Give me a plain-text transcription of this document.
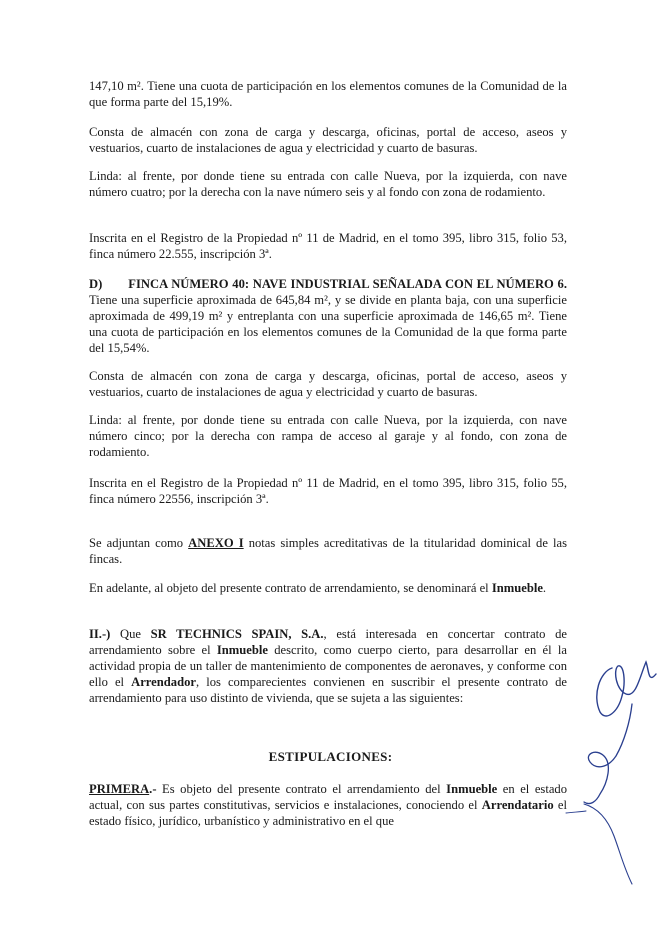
147,10 m². Tiene una cuota de participación en los elementos comunes de la Comunidad de la que forma parte del 15,19%.

Consta de almacén con zona de carga y descarga, oficinas, portal de acceso, aseos y vestuarios, cuarto de instalaciones de agua y electricidad y cuarto de basuras.

Linda: al frente, por donde tiene su entrada con calle Nueva, por la izquierda, con nave número cuatro; por la derecha con la nave número seis y al fondo con zona de rodamiento.

Inscrita en el Registro de la Propiedad nº 11 de Madrid, en el tomo 395, libro 315, folio 53, finca número 22.555, inscripción 3ª.

D) FINCA NÚMERO 40: NAVE INDUSTRIAL SEÑALADA CON EL NÚMERO 6. Tiene una superficie aproximada de 645,84 m², y se divide en planta baja, con una superficie aproximada de 499,19 m² y entreplanta con una superficie aproximada de 146,65 m². Tiene una cuota de participación en los elementos comunes de la Comunidad de la que forma parte del 15,54%.

Consta de almacén con zona de carga y descarga, oficinas, portal de acceso, aseos y vestuarios, cuarto de instalaciones de agua y electricidad y cuarto de basuras.

Linda: al frente, por donde tiene su entrada con calle Nueva, por la izquierda, con nave número cinco; por la derecha con rampa de acceso al garaje y al fondo, con zona de rodamiento.

Inscrita en el Registro de la Propiedad nº 11 de Madrid, en el tomo 395, libro 315, folio 55, finca número 22556, inscripción 3ª.

Se adjuntan como ANEXO I notas simples acreditativas de la titularidad dominical de las fincas.

En adelante, al objeto del presente contrato de arrendamiento, se denominará el Inmueble.

II.-) Que SR TECHNICS SPAIN, S.A., está interesada en concertar contrato de arrendamiento sobre el Inmueble descrito, como cuerpo cierto, para desarrollar en él la actividad propia de un taller de mantenimiento de componentes de aeronaves, y conforme con ello el Arrendador, los comparecientes convienen en suscribir el presente contrato de arrendamiento para uso distinto de vivienda, que se sujeta a las siguientes:

ESTIPULACIONES:

PRIMERA.- Es objeto del presente contrato el arrendamiento del Inmueble en el estado actual, con sus partes constitutivas, servicios e instalaciones, conociendo el Arrendatario el estado físico, jurídico, urbanístico y administrativo en el que
